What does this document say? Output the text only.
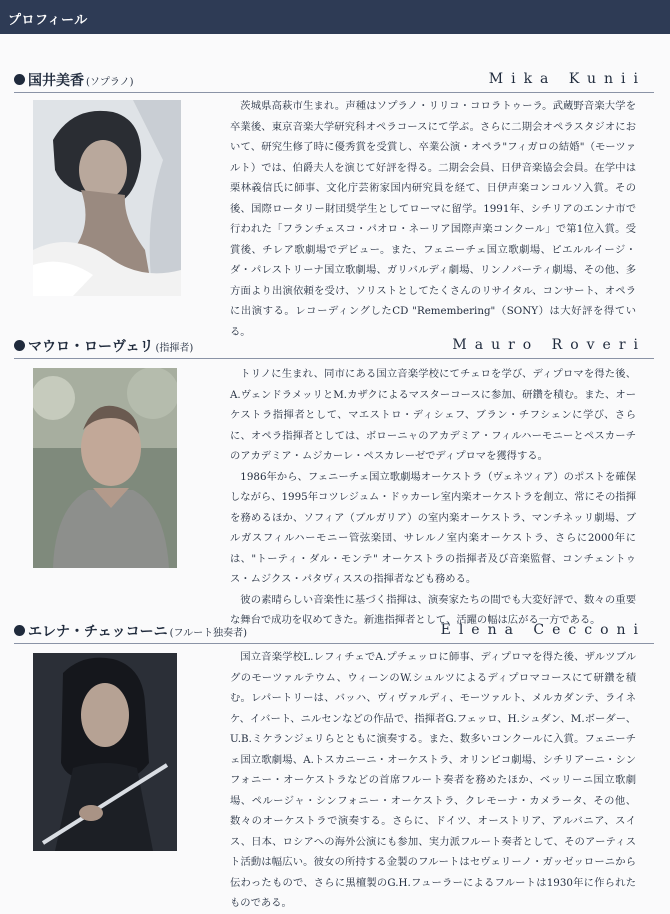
プロフィール
国井美香 (ソプラノ)	Mika Kunii

茨城県高萩市生まれ。声種はソプラノ・リリコ・コロラトゥーラ。武蔵野音楽大学を卒業後、東京音楽大学研究科オペラコースにて学ぶ。さらに二期会オペラスタジオにおいて、研究生修了時に優秀賞を受賞し、卒業公演・オペラ"フィガロの結婚"（モーツァルト）では、伯爵夫人を演じて好評を得る。二期会会員、日伊音楽協会会員。在学中は栗林義信氏に師事、文化庁芸術家国内研究員を経て、日伊声楽コンコルソ入賞。その後、国際ロータリー財団奨学生としてローマに留学。1991年、シチリアのエンナ市で行われた「フランチェスコ・パオロ・ネーリア国際声楽コンクール」で第1位入賞。受賞後、チレア歌劇場でデビュー。また、フェニーチェ国立歌劇場、ピエルルイージ・ダ・パレストリーナ国立歌劇場、ガリバルディ劇場、リンノバーティ劇場、その他、多方面より出演依頼を受け、ソリストとしてたくさんのリサイタル、コンサート、オペラに出演する。レコーディングしたCD "Remembering"（SONY）は大好評を得ている。

マウロ・ローヴェリ (指揮者)	Mauro Roveri

トリノに生まれ、同市にある国立音楽学校にてチェロを学び、ディプロマを得た後、A.ヴェンドラメッリとM.カザクによるマスターコースに参加、研鑽を積む。また、オーケストラ指揮者として、マエストロ・ディシェフ、ブラン・チフシェンに学び、さらに、オペラ指揮者としては、ボローニャのアカデミア・フィルハーモニーとペスカーチのアカデミア・ムジカーレ・ペスカレーゼでディプロマを獲得する。

1986年から、フェニーチェ国立歌劇場オーケストラ（ヴェネツィア）のポストを確保しながら、1995年コツレジュム・ドゥカーレ室内楽オーケストラを創立、常にその指揮を務めるほか、ソフィア（ブルガリア）の室内楽オーケストラ、マンチネッリ劇場、ブルガスフィルハーモニー管弦楽団、サレルノ室内楽オーケストラ、さらに2000年には、"トーティ・ダル・モンテ" オーケストラの指揮者及び音楽監督、コンチェントゥス・ムジクス・パタヴィススの指揮者なども務める。

彼の素晴らしい音楽性に基づく指揮は、演奏家たちの間でも大変好評で、数々の重要な舞台で成功を収めてきた。新進指揮者として、活躍の幅は広がる一方である。

エレナ・チェッコーニ (フルート独奏者)	Elena Cecconi

国立音楽学校L.レフィチェでA.プチェッロに師事、ディプロマを得た後、ザルツブルグのモーツァルテウム、ウィーンのW.シュルツによるディプロマコースにて研鑽を積む。レパートリーは、バッハ、ヴィヴァルディ、モーツァルト、メルカダンテ、ライネケ、イバート、ニルセンなどの作品で、指揮者G.フェッロ、H.シュダン、M.ボーダー、U.B.ミケランジェリらとともに演奏する。また、数多いコンクールに入賞。フェニーチェ国立歌劇場、A.トスカニーニ・オーケストラ、オリンピコ劇場、シチリアーニ・シンフォニー・オーケストラなどの首席フルート奏者を務めたほか、ベッリーニ国立歌劇場、ペルージャ・シンフォニー・オーケストラ、クレモーナ・カメラータ、その他、数々のオーケストラで演奏する。さらに、ドイツ、オーストリア、アルバニア、スイス、日本、ロシアへの海外公演にも参加、実力派フルート奏者として、そのアーティスト活動は幅広い。彼女の所持する金製のフルートはセヴェリーノ・ガッゼッローニから伝わったもので、さらに黒檀製のG.H.フューラーによるフルートは1930年に作られたものである。
